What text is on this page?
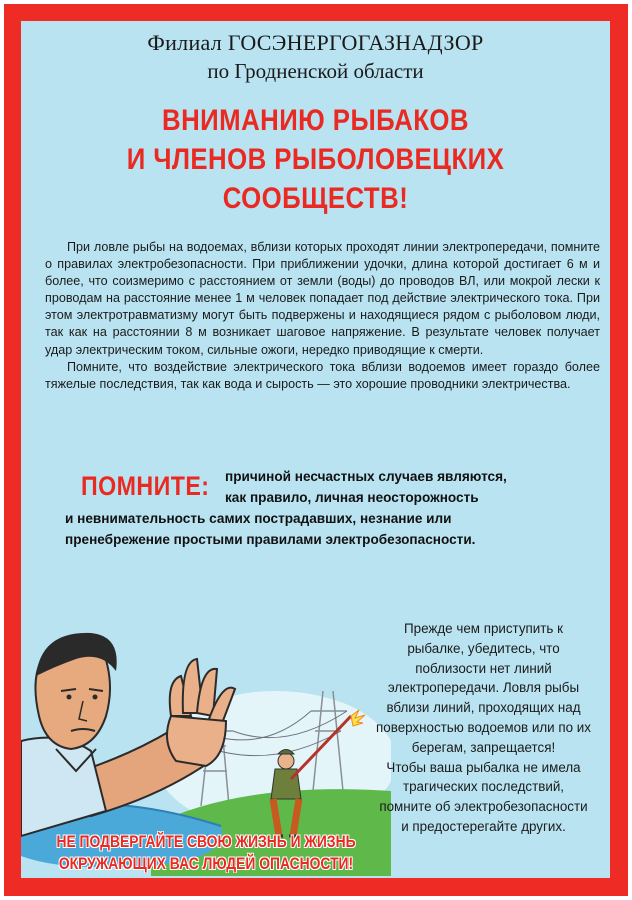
Филиал ГОСЭНЕРГОГАЗНАДЗОР
по Гродненской области
ВНИМАНИЮ РЫБАКОВ
И ЧЛЕНОВ РЫБОЛОВЕЦКИХ
СООБЩЕСТВ!

При ловле рыбы на водоемах, вблизи которых проходят линии электропередачи, помните о правилах электробезопасности. При приближении удочки, длина которой достигает 6 м и более, что соизмеримо с расстоянием от земли (воды) до проводов ВЛ, или мокрой лески к проводам на расстояние менее 1 м человек попадает под действие электрического тока. При этом электротравматизму могут быть подвержены и находящиеся рядом с рыболовом люди, так как на расстоянии 8 м возникает шаговое напряжение. В результате человек получает удар электрическим током, сильные ожоги, нередко приводящие к смерти.

Помните, что воздействие электрического тока вблизи водоемов имеет гораздо более тяжелые последствия, так как вода и сырость — это хорошие проводники электричества.

причиной несчастных случаев являются,
как правило, личная неосторожность
и невнимательность самих пострадавших, незнание или
пренебрежение простыми правилами электробезопасности.
ПОМНИТЕ:
НЕ ПОДВЕРГАЙТЕ СВОЮ ЖИЗНЬ И ЖИЗНЬ
ОКРУЖАЮЩИХ ВАС ЛЮДЕЙ ОПАСНОСТИ!

Прежде чем приступить к рыбалке, убедитесь, что поблизости нет линий электропередачи. Ловля рыбы вблизи линий, проходящих над поверхностью водоемов или по их берегам, запрещается!

Чтобы ваша рыбалка не имела трагических последствий, помните об электробезопасности и предостерегайте других.
